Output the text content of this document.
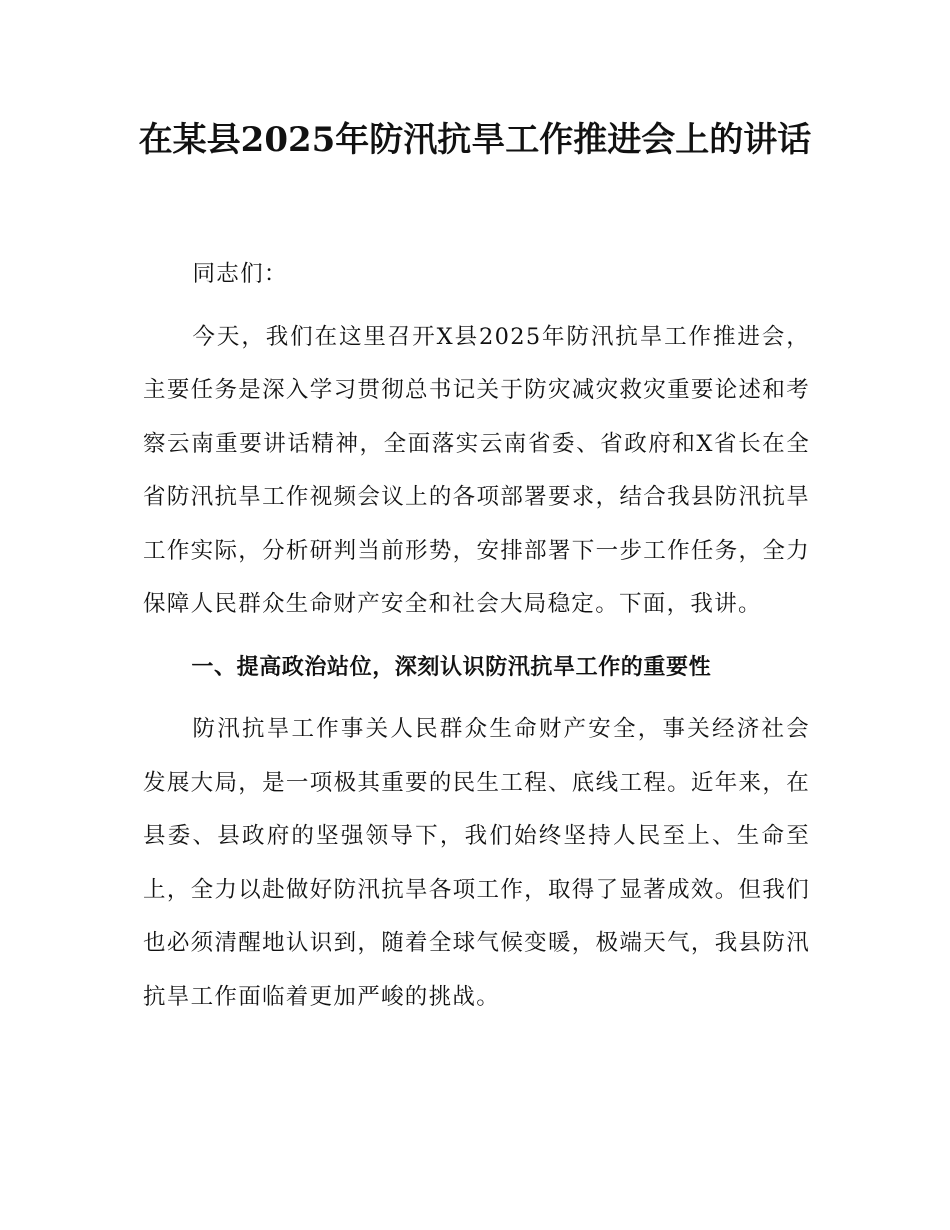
在某县2025年防汛抗旱工作推进会上的讲话

同志们：

今天，我们在这里召开X县2025年防汛抗旱工作推进会，主要任务是深入学习贯彻总书记关于防灾减灾救灾重要论述和考察云南重要讲话精神，全面落实云南省委、省政府和X省长在全省防汛抗旱工作视频会议上的各项部署要求，结合我县防汛抗旱工作实际，分析研判当前形势，安排部署下一步工作任务，全力保障人民群众生命财产安全和社会大局稳定。下面，我讲。

一、提高政治站位，深刻认识防汛抗旱工作的重要性

防汛抗旱工作事关人民群众生命财产安全，事关经济社会发展大局，是一项极其重要的民生工程、底线工程。近年来，在县委、县政府的坚强领导下，我们始终坚持人民至上、生命至上，全力以赴做好防汛抗旱各项工作，取得了显著成效。但我们也必须清醒地认识到，随着全球气候变暖，极端天气，我县防汛抗旱工作面临着更加严峻的挑战。
